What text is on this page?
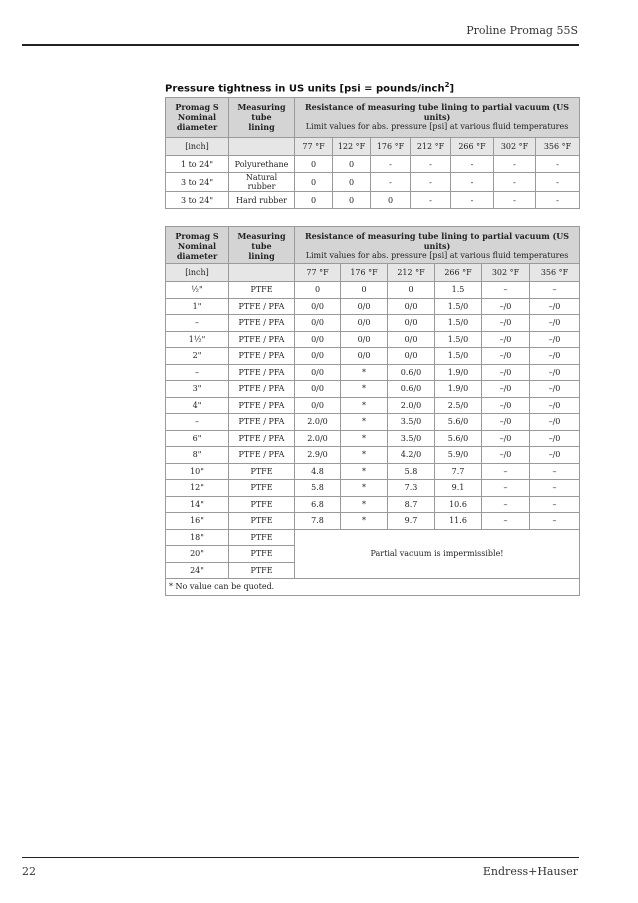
Proline Promag 55S
Pressure tightness in US units [psi = pounds/inch$^2$]
Promag S
Nominal
diameter	Measuring tube
lining	Resistance of measuring tube lining to partial vacuum (US units)
Limit values for abs. pressure [psi] at various fluid temperatures						

[inch]		77 °F	122 °F	176 °F	212 °F	266 °F	302 °F	356 °F
1 to 24"	Polyurethane	0	0	-	-	-	-	-
3 to 24"	Natural rubber	0	0	-	-	-	-	-
3 to 24"	Hard rubber	0	0	0	-	-	-	-
Promag S
Nominal
diameter	Measuring tube
lining	Resistance of measuring tube lining to partial vacuum (US units)
Limit values for abs. pressure [psi] at various fluid temperatures					

[inch]		77 °F	176 °F	212 °F	266 °F	302 °F	356 °F
½"	PTFE	0	0	0	1.5	–	–
1"	PTFE / PFA	0/0	0/0	0/0	1.5/0	–/0	–/0
–	PTFE / PFA	0/0	0/0	0/0	1.5/0	–/0	–/0
1½"	PTFE / PFA	0/0	0/0	0/0	1.5/0	–/0	–/0
2"	PTFE / PFA	0/0	0/0	0/0	1.5/0	–/0	–/0
–	PTFE / PFA	0/0	*	0.6/0	1.9/0	–/0	–/0
3"	PTFE / PFA	0/0	*	0.6/0	1.9/0	–/0	–/0
4"	PTFE / PFA	0/0	*	2.0/0	2.5/0	–/0	–/0
–	PTFE / PFA	2.0/0	*	3.5/0	5.6/0	–/0	–/0
6"	PTFE / PFA	2.0/0	*	3.5/0	5.6/0	–/0	–/0
8"	PTFE / PFA	2.9/0	*	4.2/0	5.9/0	–/0	–/0
10"	PTFE	4.8	*	5.8	7.7	–	–
12"	PTFE	5.8	*	7.3	9.1	–	–
14"	PTFE	6.8	*	8.7	10.6	–	–
16"	PTFE	7.8	*	9.7	11.6	–	–
18"	PTFE	Partial vacuum is impermissible!					
20"	PTFE						
24"	PTFE						
* No value can be quoted.							
22	Endress+Hauser
